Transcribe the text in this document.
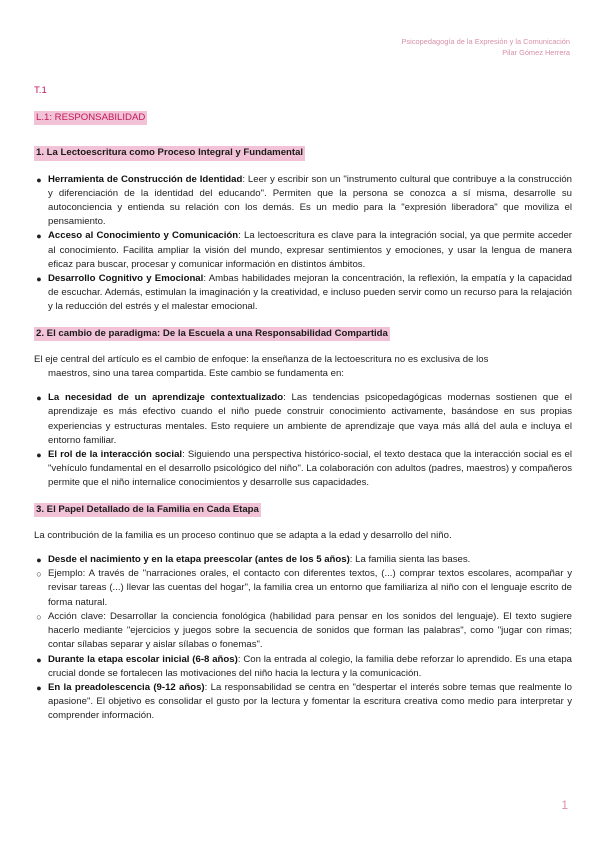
Psicopedagogía de la Expresión y la Comunicación
Pilar Gómez Herrera
T.1
L.1: RESPONSABILIDAD
1. La Lectoescritura como Proceso Integral y Fundamental
● Herramienta de Construcción de Identidad: Leer y escribir son un "instrumento cultural que contribuye a la construcción y diferenciación de la identidad del educando". Permiten que la persona se conozca a sí misma, desarrolle su autoconciencia y entienda su relación con los demás. Es un medio para la "expresión liberadora" que moviliza el pensamiento.
● Acceso al Conocimiento y Comunicación: La lectoescritura es clave para la integración social, ya que permite acceder al conocimiento. Facilita ampliar la visión del mundo, expresar sentimientos y emociones, y usar la lengua de manera eficaz para buscar, procesar y comunicar información en distintos ámbitos.
● Desarrollo Cognitivo y Emocional: Ambas habilidades mejoran la concentración, la reflexión, la empatía y la capacidad de escuchar. Además, estimulan la imaginación y la creatividad, e incluso pueden servir como un recurso para la relajación y la reducción del estrés y el malestar emocional.
2. El cambio de paradigma: De la Escuela a una Responsabilidad Compartida
El eje central del artículo es el cambio de enfoque: la enseñanza de la lectoescritura no es exclusiva de los
maestros, sino una tarea compartida. Este cambio se fundamenta en:
● La necesidad de un aprendizaje contextualizado: Las tendencias psicopedagógicas modernas sostienen que el aprendizaje es más efectivo cuando el niño puede construir conocimiento activamente, basándose en sus propias experiencias y estructuras mentales. Esto requiere un ambiente de aprendizaje que vaya más allá del aula e incluya el entorno familiar.
● El rol de la interacción social: Siguiendo una perspectiva histórico-social, el texto destaca que la interacción social es el "vehículo fundamental en el desarrollo psicológico del niño". La colaboración con adultos (padres, maestros) y compañeros permite que el niño internalice conocimientos y desarrolle sus capacidades.
3. El Papel Detallado de la Familia en Cada Etapa
La contribución de la familia es un proceso continuo que se adapta a la edad y desarrollo del niño.
● Desde el nacimiento y en la etapa preescolar (antes de los 5 años): La familia sienta las bases.
○ Ejemplo: A través de "narraciones orales, el contacto con diferentes textos, (...) comprar textos escolares, acompañar y revisar tareas (...) llevar las cuentas del hogar", la familia crea un entorno que familiariza al niño con el lenguaje escrito de forma natural.
○ Acción clave: Desarrollar la conciencia fonológica (habilidad para pensar en los sonidos del lenguaje). El texto sugiere hacerlo mediante "ejercicios y juegos sobre la secuencia de sonidos que forman las palabras", como "jugar con rimas; contar sílabas separar y aislar sílabas o fonemas".
● Durante la etapa escolar inicial (6-8 años): Con la entrada al colegio, la familia debe reforzar lo aprendido. Es una etapa crucial donde se fortalecen las motivaciones del niño hacia la lectura y la comunicación.
● En la preadolescencia (9-12 años): La responsabilidad se centra en "despertar el interés sobre temas que realmente lo apasione". El objetivo es consolidar el gusto por la lectura y fomentar la escritura creativa como medio para interpretar y comprender información.
1
